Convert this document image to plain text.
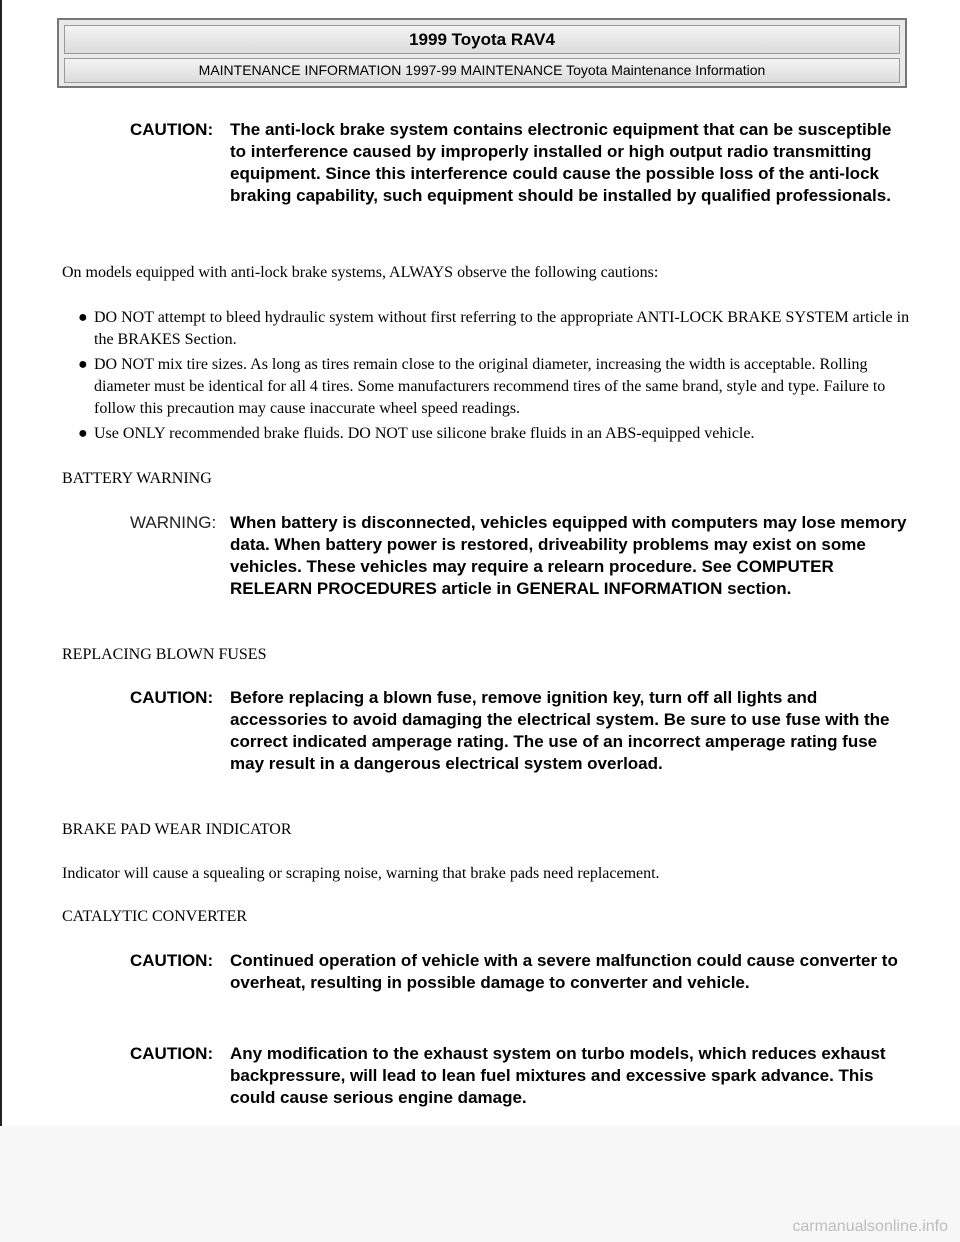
1999 Toyota RAV4
MAINTENANCE INFORMATION 1997-99 MAINTENANCE Toyota Maintenance Information
CAUTION: The anti-lock brake system contains electronic equipment that can be susceptible to interference caused by improperly installed or high output radio transmitting equipment. Since this interference could cause the possible loss of the anti-lock braking capability, such equipment should be installed by qualified professionals.
On models equipped with anti-lock brake systems, ALWAYS observe the following cautions:
● DO NOT attempt to bleed hydraulic system without first referring to the appropriate ANTI-LOCK BRAKE SYSTEM article in the BRAKES Section.
● DO NOT mix tire sizes. As long as tires remain close to the original diameter, increasing the width is acceptable. Rolling diameter must be identical for all 4 tires. Some manufacturers recommend tires of the same brand, style and type. Failure to follow this precaution may cause inaccurate wheel speed readings.
● Use ONLY recommended brake fluids. DO NOT use silicone brake fluids in an ABS-equipped vehicle.
BATTERY WARNING
WARNING: When battery is disconnected, vehicles equipped with computers may lose memory data. When battery power is restored, driveability problems may exist on some vehicles. These vehicles may require a relearn procedure. See COMPUTER RELEARN PROCEDURES article in GENERAL INFORMATION section.
REPLACING BLOWN FUSES
CAUTION: Before replacing a blown fuse, remove ignition key, turn off all lights and accessories to avoid damaging the electrical system. Be sure to use fuse with the correct indicated amperage rating. The use of an incorrect amperage rating fuse may result in a dangerous electrical system overload.
BRAKE PAD WEAR INDICATOR
Indicator will cause a squealing or scraping noise, warning that brake pads need replacement.
CATALYTIC CONVERTER
CAUTION: Continued operation of vehicle with a severe malfunction could cause converter to overheat, resulting in possible damage to converter and vehicle.
CAUTION: Any modification to the exhaust system on turbo models, which reduces exhaust backpressure, will lead to lean fuel mixtures and excessive spark advance. This could cause serious engine damage.
carmanualsonline.info
